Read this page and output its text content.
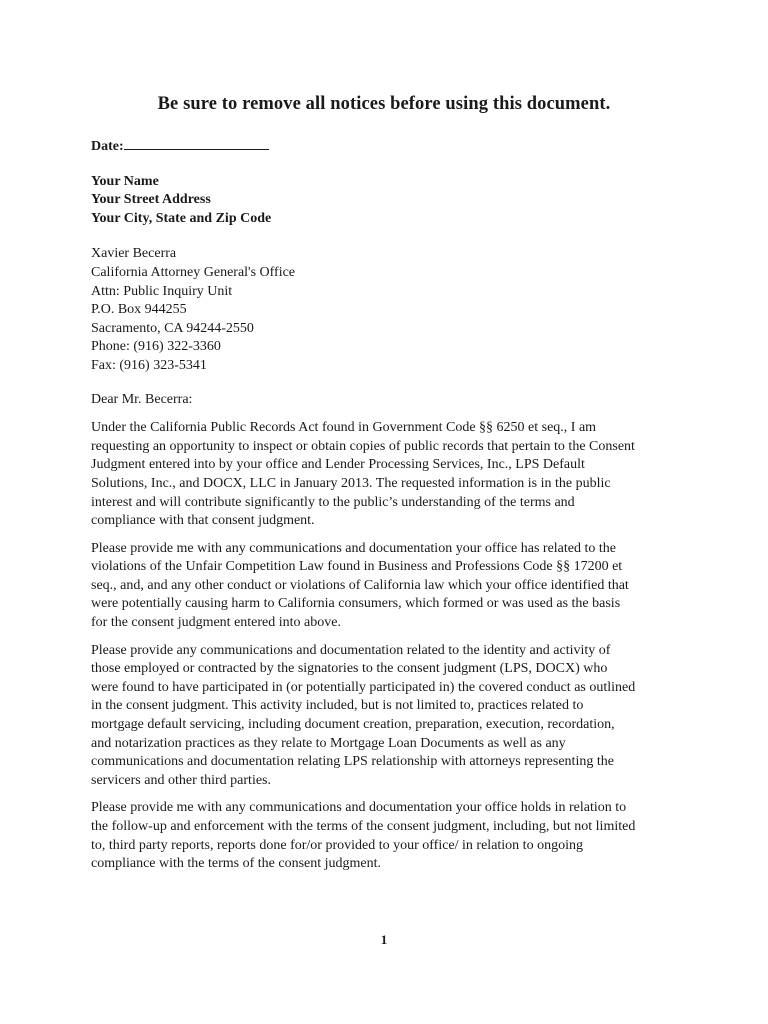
Be sure to remove all notices before using this document.
Date:
Your Name
Your Street Address
Your City, State and Zip Code
Xavier Becerra
California Attorney General's Office
Attn: Public Inquiry Unit
P.O. Box 944255
Sacramento, CA 94244-2550
Phone: (916) 322-3360
Fax: (916) 323-5341
Dear Mr. Becerra:
Under the California Public Records Act found in Government Code §§ 6250 et seq., I am
requesting an opportunity to inspect or obtain copies of public records that pertain to the Consent
Judgment entered into by your office and Lender Processing Services, Inc., LPS Default
Solutions, Inc., and DOCX, LLC in January 2013. The requested information is in the public
interest and will contribute significantly to the public’s understanding of the terms and
compliance with that consent judgment.
Please provide me with any communications and documentation your office has related to the
violations of the Unfair Competition Law found in Business and Professions Code §§ 17200 et
seq., and, and any other conduct or violations of California law which your office identified that
were potentially causing harm to California consumers, which formed or was used as the basis
for the consent judgment entered into above.
Please provide any communications and documentation related to the identity and activity of
those employed or contracted by the signatories to the consent judgment (LPS, DOCX) who
were found to have participated in (or potentially participated in) the covered conduct as outlined
in the consent judgment. This activity included, but is not limited to, practices related to
mortgage default servicing, including document creation, preparation, execution, recordation,
and notarization practices as they relate to Mortgage Loan Documents as well as any
communications and documentation relating LPS relationship with attorneys representing the
servicers and other third parties.
Please provide me with any communications and documentation your office holds in relation to
the follow-up and enforcement with the terms of the consent judgment, including, but not limited
to, third party reports, reports done for/or provided to your office/ in relation to ongoing
compliance with the terms of the consent judgment.
1
